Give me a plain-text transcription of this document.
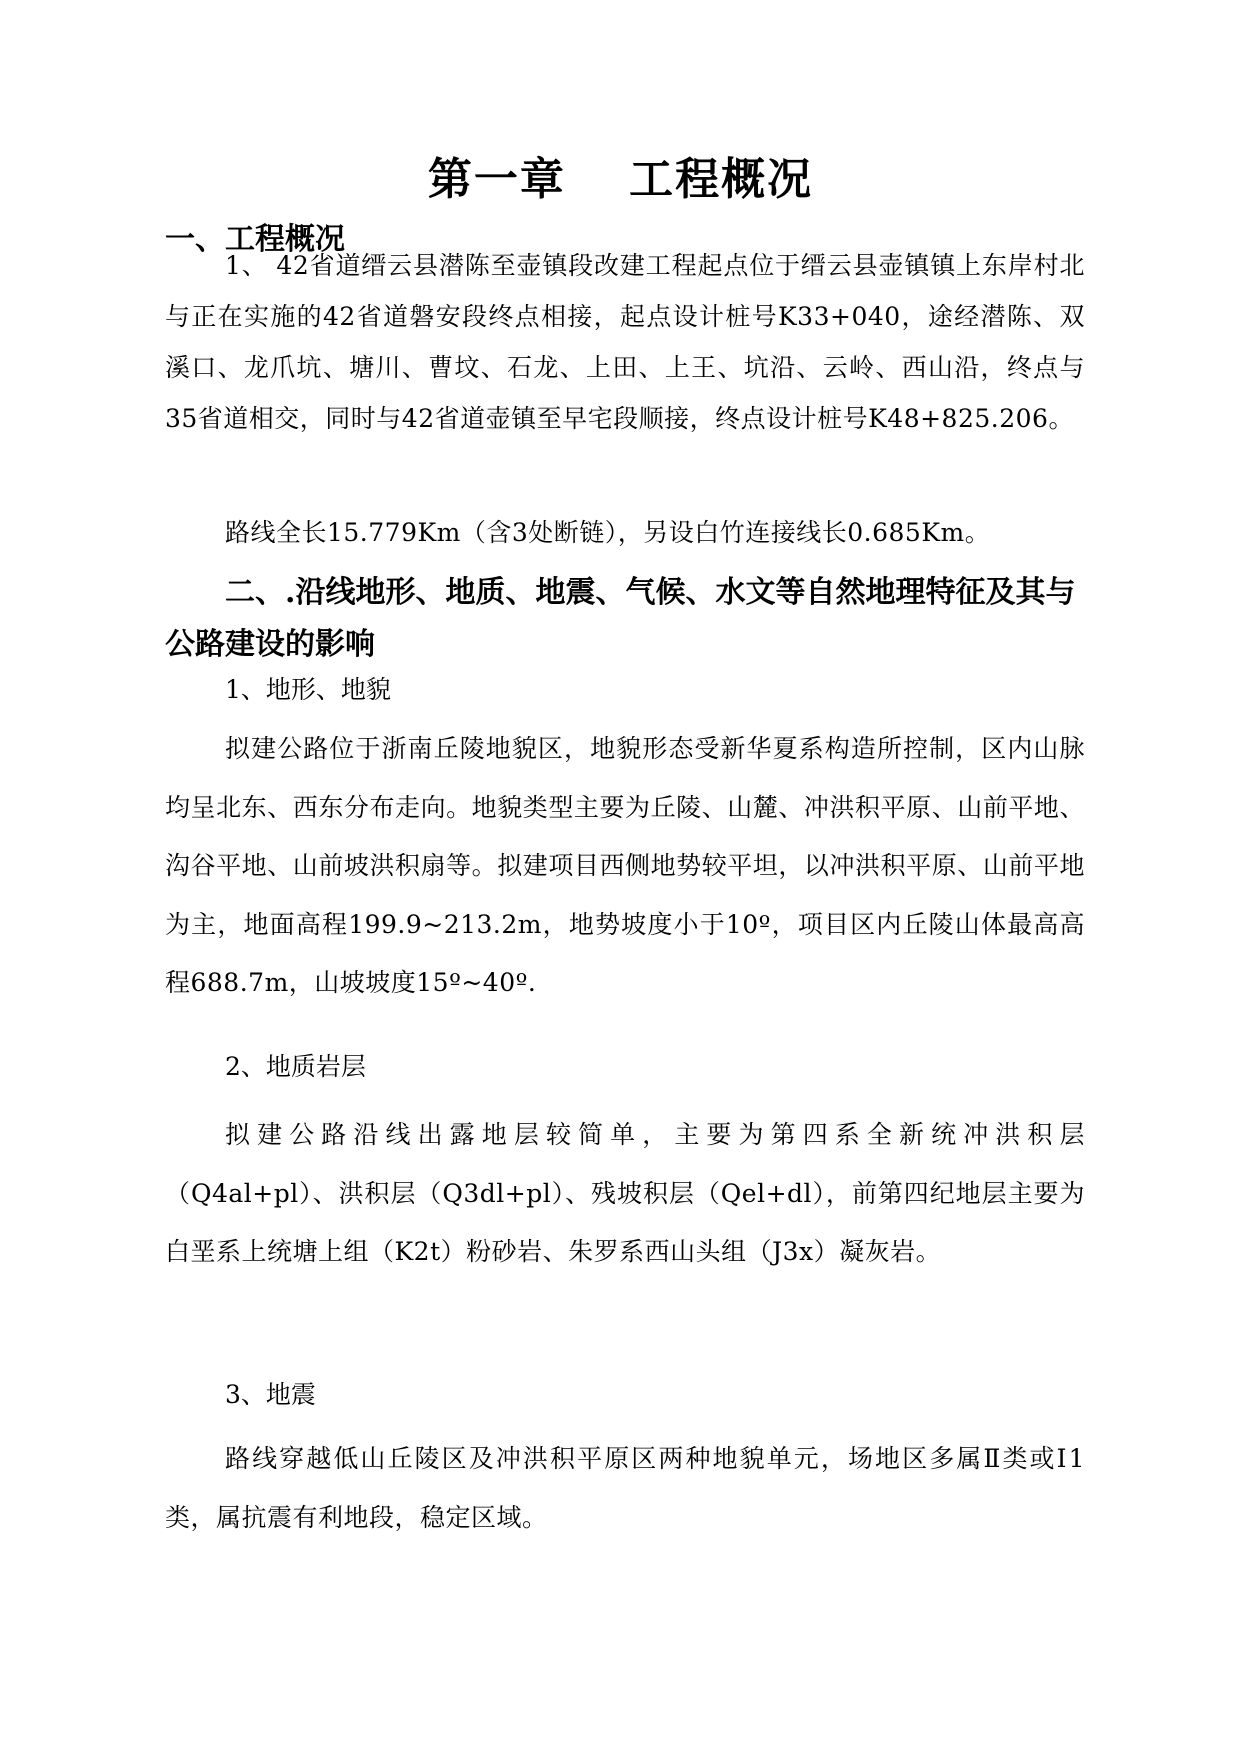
第一章　 工程概况
一、工程概况
1、 42省道缙云县潜陈至壶镇段改建工程起点位于缙云县壶镇镇上东岸村北与正在实施的42省道磐安段终点相接，起点设计桩号K33+040，途经潜陈、双溪口、龙爪坑、塘川、曹坟、石龙、上田、上王、坑沿、云岭、西山沿，终点与35省道相交，同时与42省道壶镇至早宅段顺接，终点设计桩号K48+825.206。
路线全长15.779Km（含3处断链），另设白竹连接线长0.685Km。
二、.沿线地形、地质、地震、气候、水文等自然地理特征及其与公路建设的影响
1、地形、地貌
拟建公路位于浙南丘陵地貌区，地貌形态受新华夏系构造所控制，区内山脉均呈北东、西东分布走向。地貌类型主要为丘陵、山麓、冲洪积平原、山前平地、沟谷平地、山前坡洪积扇等。拟建项目西侧地势较平坦，以冲洪积平原、山前平地为主，地面高程199.9~213.2m，地势坡度小于10º，项目区内丘陵山体最高高程688.7m，山坡坡度15º~40º.
2、地质岩层
拟建公路沿线出露地层较简单，主要为第四系全新统冲洪积层（Q4al+pl）、洪积层（Q3dl+pl）、残坡积层（Qel+dl），前第四纪地层主要为白垩系上统塘上组（K2t）粉砂岩、朱罗系西山头组（J3x）凝灰岩。
3、地震
路线穿越低山丘陵区及冲洪积平原区两种地貌单元，场地区多属Ⅱ类或Ⅰ1类，属抗震有利地段，稳定区域。
